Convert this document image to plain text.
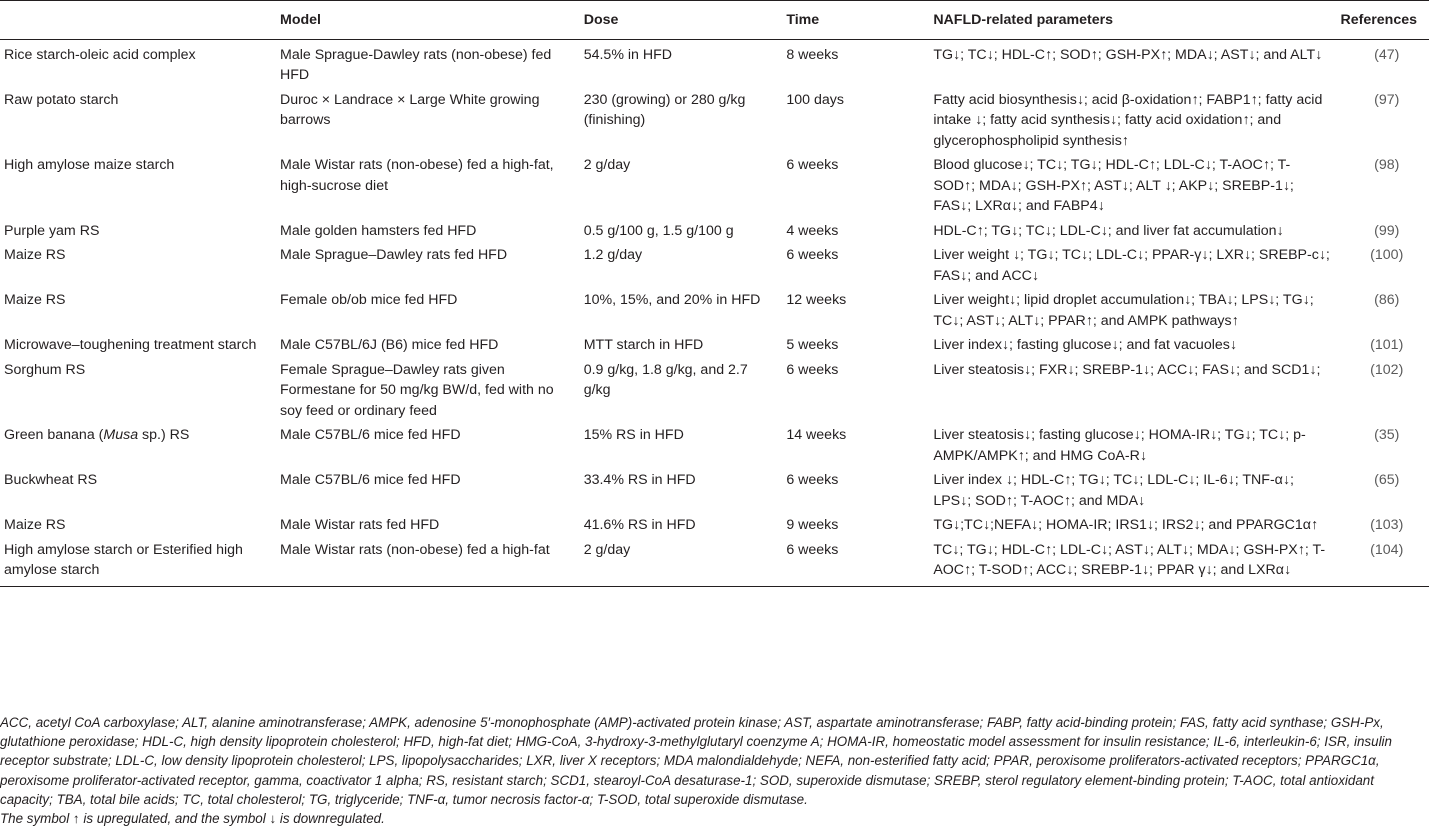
	Model	Dose	Time	NAFLD-related parameters	References
Rice starch-oleic acid complex	Male Sprague-Dawley rats (non-obese) fed HFD	54.5% in HFD	8 weeks	TG↓; TC↓; HDL-C↑; SOD↑; GSH-PX↑; MDA↓; AST↓; and ALT↓	(47)
Raw potato starch	Duroc × Landrace × Large White growing barrows	230 (growing) or 280 g/kg (finishing)	100 days	Fatty acid biosynthesis↓; acid β-oxidation↑; FABP1↑; fatty acid intake ↓; fatty acid synthesis↓; fatty acid oxidation↑; and glycerophospholipid synthesis↑	(97)
High amylose maize starch	Male Wistar rats (non-obese) fed a high-fat, high-sucrose diet	2 g/day	6 weeks	Blood glucose↓; TC↓; TG↓; HDL-C↑; LDL-C↓; T-AOC↑; T-SOD↑; MDA↓; GSH-PX↑; AST↓; ALT ↓; AKP↓; SREBP-1↓; FAS↓; LXRα↓; and FABP4↓	(98)
Purple yam RS	Male golden hamsters fed HFD	0.5 g/100 g, 1.5 g/100 g	4 weeks	HDL-C↑; TG↓; TC↓; LDL-C↓; and liver fat accumulation↓	(99)
Maize RS	Male Sprague–Dawley rats fed HFD	1.2 g/day	6 weeks	Liver weight ↓; TG↓; TC↓; LDL-C↓; PPAR-γ↓; LXR↓; SREBP-c↓; FAS↓; and ACC↓	(100)
Maize RS	Female ob/ob mice fed HFD	10%, 15%, and 20% in HFD	12 weeks	Liver weight↓; lipid droplet accumulation↓; TBA↓; LPS↓; TG↓; TC↓; AST↓; ALT↓; PPAR↑; and AMPK pathways↑	(86)
Microwave–toughening treatment starch	Male C57BL/6J (B6) mice fed HFD	MTT starch in HFD	5 weeks	Liver index↓; fasting glucose↓; and fat vacuoles↓	(101)
Sorghum RS	Female Sprague–Dawley rats given Formestane for 50 mg/kg BW/d, fed with no soy feed or ordinary feed	0.9 g/kg, 1.8 g/kg, and 2.7 g/kg	6 weeks	Liver steatosis↓; FXR↓; SREBP-1↓; ACC↓; FAS↓; and SCD1↓;	(102)
Green banana (Musa sp.) RS	Male C57BL/6 mice fed HFD	15% RS in HFD	14 weeks	Liver steatosis↓; fasting glucose↓; HOMA-IR↓; TG↓; TC↓; p-AMPK/AMPK↑; and HMG CoA-R↓	(35)
Buckwheat RS	Male C57BL/6 mice fed HFD	33.4% RS in HFD	6 weeks	Liver index ↓; HDL-C↑; TG↓; TC↓; LDL-C↓; IL-6↓; TNF-α↓; LPS↓; SOD↑; T-AOC↑; and MDA↓	(65)
Maize RS	Male Wistar rats fed HFD	41.6% RS in HFD	9 weeks	TG↓;TC↓;NEFA↓; HOMA-IR; IRS1↓; IRS2↓; and PPARGC1α↑	(103)
High amylose starch or Esterified high amylose starch	Male Wistar rats (non-obese) fed a high-fat	2 g/day	6 weeks	TC↓; TG↓; HDL-C↑; LDL-C↓; AST↓; ALT↓; MDA↓; GSH-PX↑; T-AOC↑; T-SOD↑; ACC↓; SREBP-1↓; PPAR γ↓; and LXRα↓	(104)

ACC, acetyl CoA carboxylase; ALT, alanine aminotransferase; AMPK, adenosine 5′-monophosphate (AMP)-activated protein kinase; AST, aspartate aminotransferase; FABP, fatty acid-binding protein; FAS, fatty acid synthase; GSH-Px, glutathione peroxidase; HDL-C, high density lipoprotein cholesterol; HFD, high-fat diet; HMG-CoA, 3-hydroxy-3-methylglutaryl coenzyme A; HOMA-IR, homeostatic model assessment for insulin resistance; IL-6, interleukin-6; ISR, insulin receptor substrate; LDL-C, low density lipoprotein cholesterol; LPS, lipopolysaccharides; LXR, liver X receptors; MDA malondialdehyde; NEFA, non-esterified fatty acid; PPAR, peroxisome proliferators-activated receptors; PPARGC1α, peroxisome proliferator-activated receptor, gamma, coactivator 1 alpha; RS, resistant starch; SCD1, stearoyl-CoA desaturase-1; SOD, superoxide dismutase; SREBP, sterol regulatory element-binding protein; T-AOC, total antioxidant capacity; TBA, total bile acids; TC, total cholesterol; TG, triglyceride; TNF-α, tumor necrosis factor-α; T-SOD, total superoxide dismutase.

The symbol ↑ is upregulated, and the symbol ↓ is downregulated.
